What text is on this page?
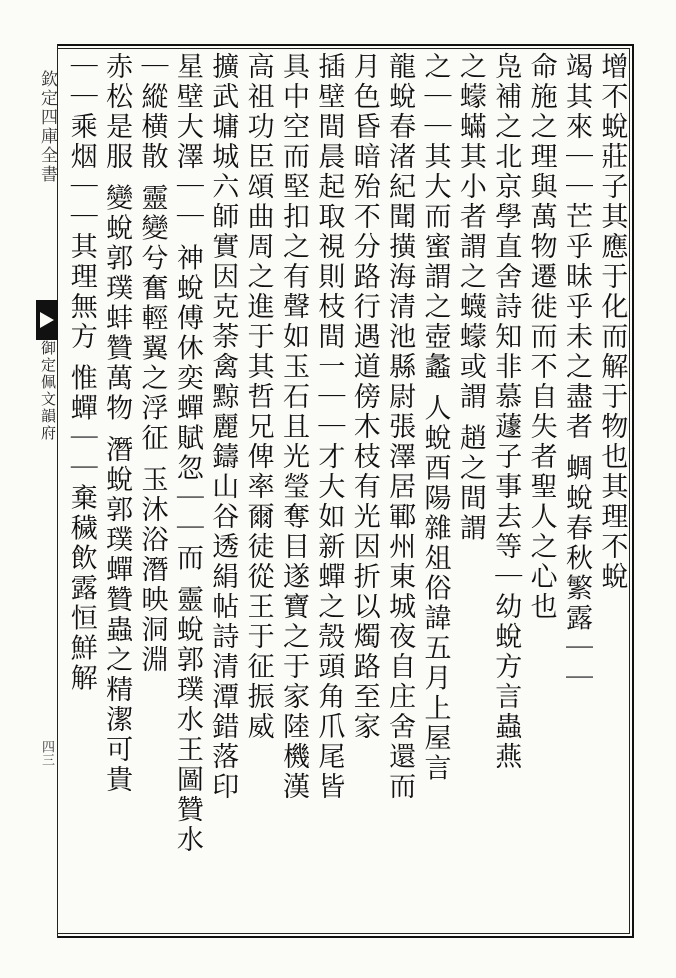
欽定四庫全書
御定佩文韻府
四三
增不蛻莊子其應于化而解于物也其理不蛻
竭其來｜｜芒乎昧乎未之盡者 蜩蛻春秋繁露｜｜
命施之理與萬物遷徙而不自失者聖人之心也
凫補之北京學直舍詩知非慕蘧子事去等｜幼蛻方言蟲燕
之蠓蟎其小者謂之蠛蠓或謂 趙之間謂
之｜｜其大而蜜謂之壺蠡 人蛻酉陽雜俎俗諱五月上屋言
龍蛻春渚紀聞撗海清池縣尉張澤居鄆州東城夜自庄舍還而
月色昏暗殆不分路行遇道傍木枝有光因折以燭路至家
插壁間晨起取視則枝間一｜｜才大如新蟬之殼頭角爪尾皆
具中空而堅扣之有聲如玉石且光瑩奪目遂寶之于家陸機漢
高祖功臣頌曲周之進于其哲兄俾率爾徒從王于征振威
擴武墉城六師實因克荼禽黥麗鑄山谷透絹帖詩清潭錯落印
星壁大澤｜｜ 神蛻傅休奕蟬賦忽｜｜而 靈蛻郭璞水王圖贊水
｜縱横散 靈變兮奮輕翼之浮征 玉沐浴潛映洞淵
赤松是服 變蛻郭璞蚌贊萬物 潛蛻郭璞蟬贊蟲之精潔可貴
｜｜乘烟｜｜其理無方 惟蟬｜｜棄穢飲露恒鮮解
